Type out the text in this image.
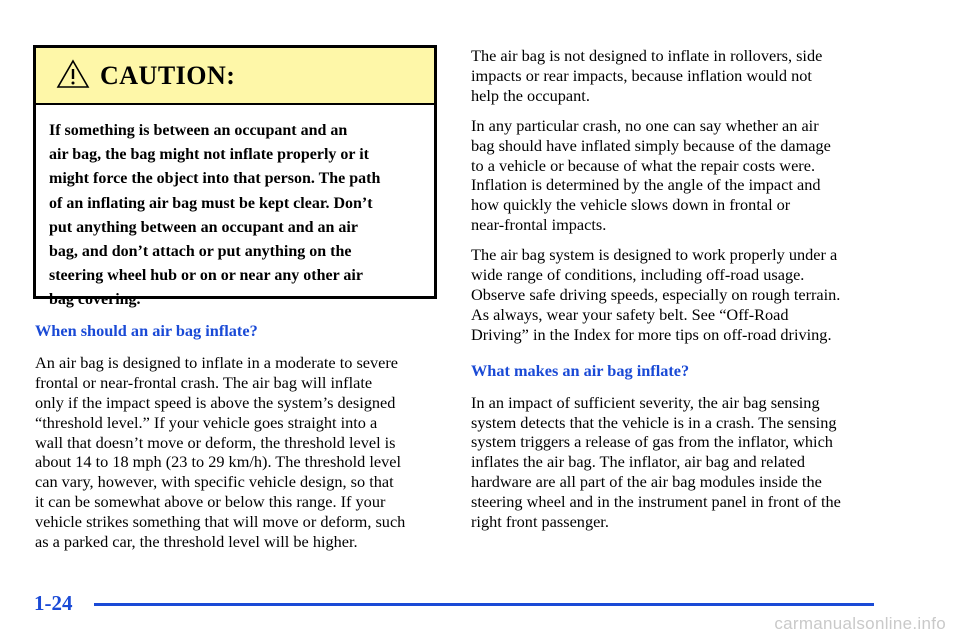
CAUTION:

If something is between an occupant and an

air bag, the bag might not inflate properly or it

might force the object into that person. The path

of an inflating air bag must be kept clear. Don’t

put anything between an occupant and an air

bag, and don’t attach or put anything on the

steering wheel hub or on or near any other air

bag covering.

When should an air bag inflate?

An air bag is designed to inflate in a moderate to severe
frontal or near-frontal crash. The air bag will inflate
only if the impact speed is above the system’s designed
“threshold level.” If your vehicle goes straight into a
wall that doesn’t move or deform, the threshold level is
about 14 to 18 mph (23 to 29 km/h). The threshold level
can vary, however, with specific vehicle design, so that
it can be somewhat above or below this range. If your
vehicle strikes something that will move or deform, such
as a parked car, the threshold level will be higher.

The air bag is not designed to inflate in rollovers, side
impacts or rear impacts, because inflation would not
help the occupant.

In any particular crash, no one can say whether an air
bag should have inflated simply because of the damage
to a vehicle or because of what the repair costs were.
Inflation is determined by the angle of the impact and
how quickly the vehicle slows down in frontal or
near-frontal impacts.

The air bag system is designed to work properly under a
wide range of conditions, including off-road usage.
Observe safe driving speeds, especially on rough terrain.
As always, wear your safety belt. See “Off-Road
Driving” in the Index for more tips on off-road driving.

What makes an air bag inflate?

In an impact of sufficient severity, the air bag sensing
system detects that the vehicle is in a crash. The sensing
system triggers a release of gas from the inflator, which
inflates the air bag. The inflator, air bag and related
hardware are all part of the air bag modules inside the
steering wheel and in the instrument panel in front of the
right front passenger.

1-24
carmanualsonline.info
